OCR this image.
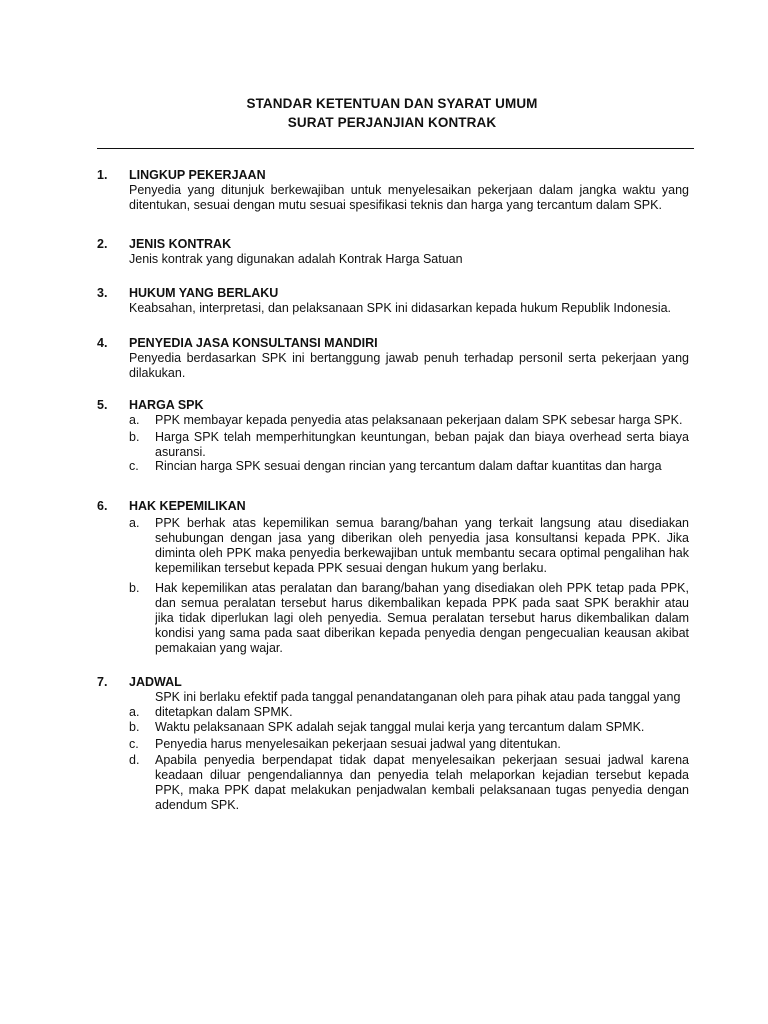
STANDAR KETENTUAN DAN SYARAT UMUM
SURAT PERJANJIAN KONTRAK
1. LINGKUP PEKERJAAN
Penyedia yang ditunjuk berkewajiban untuk menyelesaikan pekerjaan dalam jangka waktu yang
ditentukan, sesuai dengan mutu sesuai spesifikasi teknis dan harga yang tercantum dalam SPK.
2. JENIS KONTRAK
Jenis kontrak yang digunakan adalah Kontrak Harga Satuan
3. HUKUM YANG BERLAKU
Keabsahan, interpretasi, dan pelaksanaan SPK ini didasarkan kepada hukum Republik Indonesia.
4. PENYEDIA JASA KONSULTANSI MANDIRI
Penyedia berdasarkan SPK ini bertanggung jawab penuh terhadap personil serta pekerjaan yang
dilakukan.
5. HARGA SPK
a. PPK membayar kepada penyedia atas pelaksanaan pekerjaan dalam SPK sebesar harga SPK.
b. Harga SPK telah memperhitungkan keuntungan, beban pajak dan biaya overhead serta biaya
asuransi.
c. Rincian harga SPK sesuai dengan rincian yang tercantum dalam daftar kuantitas dan harga
6. HAK KEPEMILIKAN
a. PPK berhak atas kepemilikan semua barang/bahan yang terkait langsung atau disediakan
sehubungan dengan jasa yang diberikan oleh penyedia jasa konsultansi kepada PPK. Jika
diminta oleh PPK maka penyedia berkewajiban untuk membantu secara optimal pengalihan hak
kepemilikan tersebut kepada PPK sesuai dengan hukum yang berlaku.
b. Hak kepemilikan atas peralatan dan barang/bahan yang disediakan oleh PPK tetap pada PPK,
dan semua peralatan tersebut harus dikembalikan kepada PPK pada saat SPK berakhir atau
jika tidak diperlukan lagi oleh penyedia. Semua peralatan tersebut harus dikembalikan dalam
kondisi yang sama pada saat diberikan kepada penyedia dengan pengecualian keausan akibat
pemakaian yang wajar.
7. JADWAL
SPK ini berlaku efektif pada tanggal penandatanganan oleh para pihak atau pada tanggal yang
a. ditetapkan dalam SPMK.
b. Waktu pelaksanaan SPK adalah sejak tanggal mulai kerja yang tercantum dalam SPMK.
c. Penyedia harus menyelesaikan pekerjaan sesuai jadwal yang ditentukan.
d. Apabila penyedia berpendapat tidak dapat menyelesaikan pekerjaan sesuai jadwal karena
keadaan diluar pengendaliannya dan penyedia telah melaporkan kejadian tersebut kepada
PPK, maka PPK dapat melakukan penjadwalan kembali pelaksanaan tugas penyedia dengan
adendum SPK.
